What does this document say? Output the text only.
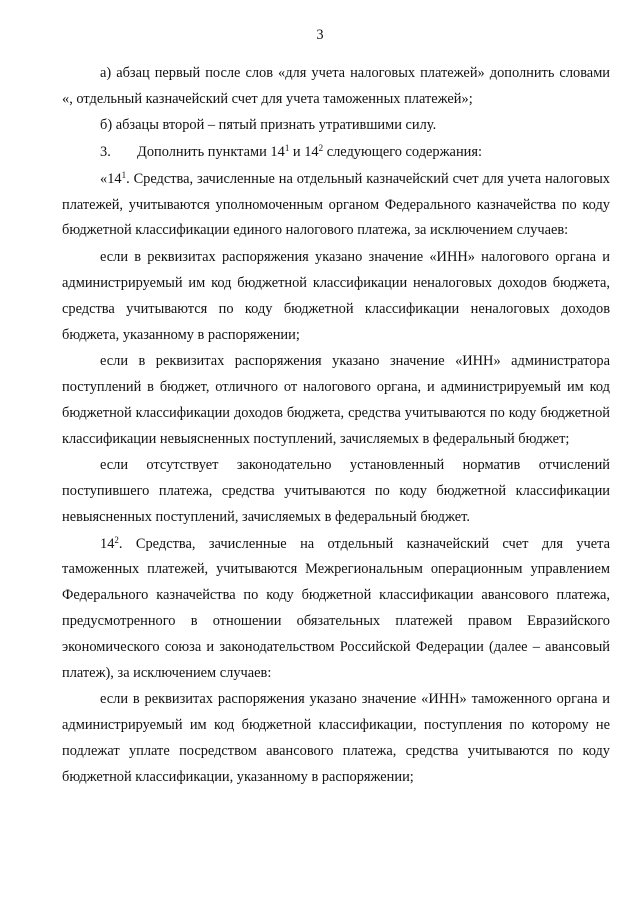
3

а) абзац первый после слов «для учета налоговых платежей» дополнить словами «, отдельный казначейский счет для учета таможенных платежей»;

б) абзацы второй – пятый признать утратившими силу.

3. Дополнить пунктами $14^1$ и $14^2$ следующего содержания:

«$14^1$. Средства, зачисленные на отдельный казначейский счет для учета налоговых платежей, учитываются уполномоченным органом Федерального казначейства по коду бюджетной классификации единого налогового платежа, за исключением случаев:

если в реквизитах распоряжения указано значение «ИНН» налогового органа и администрируемый им код бюджетной классификации неналоговых доходов бюджета, средства учитываются по коду бюджетной классификации неналоговых доходов бюджета, указанному в распоряжении;

если в реквизитах распоряжения указано значение «ИНН» администратора поступлений в бюджет, отличного от налогового органа, и администрируемый им код бюджетной классификации доходов бюджета, средства учитываются по коду бюджетной классификации невыясненных поступлений, зачисляемых в федеральный бюджет;

если отсутствует законодательно установленный норматив отчислений поступившего платежа, средства учитываются по коду бюджетной классификации невыясненных поступлений, зачисляемых в федеральный бюджет.

$14^2$. Средства, зачисленные на отдельный казначейский счет для учета таможенных платежей, учитываются Межрегиональным операционным управлением Федерального казначейства по коду бюджетной классификации авансового платежа, предусмотренного в отношении обязательных платежей правом Евразийского экономического союза и законодательством Российской Федерации (далее – авансовый платеж), за исключением случаев:

если в реквизитах распоряжения указано значение «ИНН» таможенного органа и администрируемый им код бюджетной классификации, поступления по которому не подлежат уплате посредством авансового платежа, средства учитываются по коду бюджетной классификации, указанному в распоряжении;
